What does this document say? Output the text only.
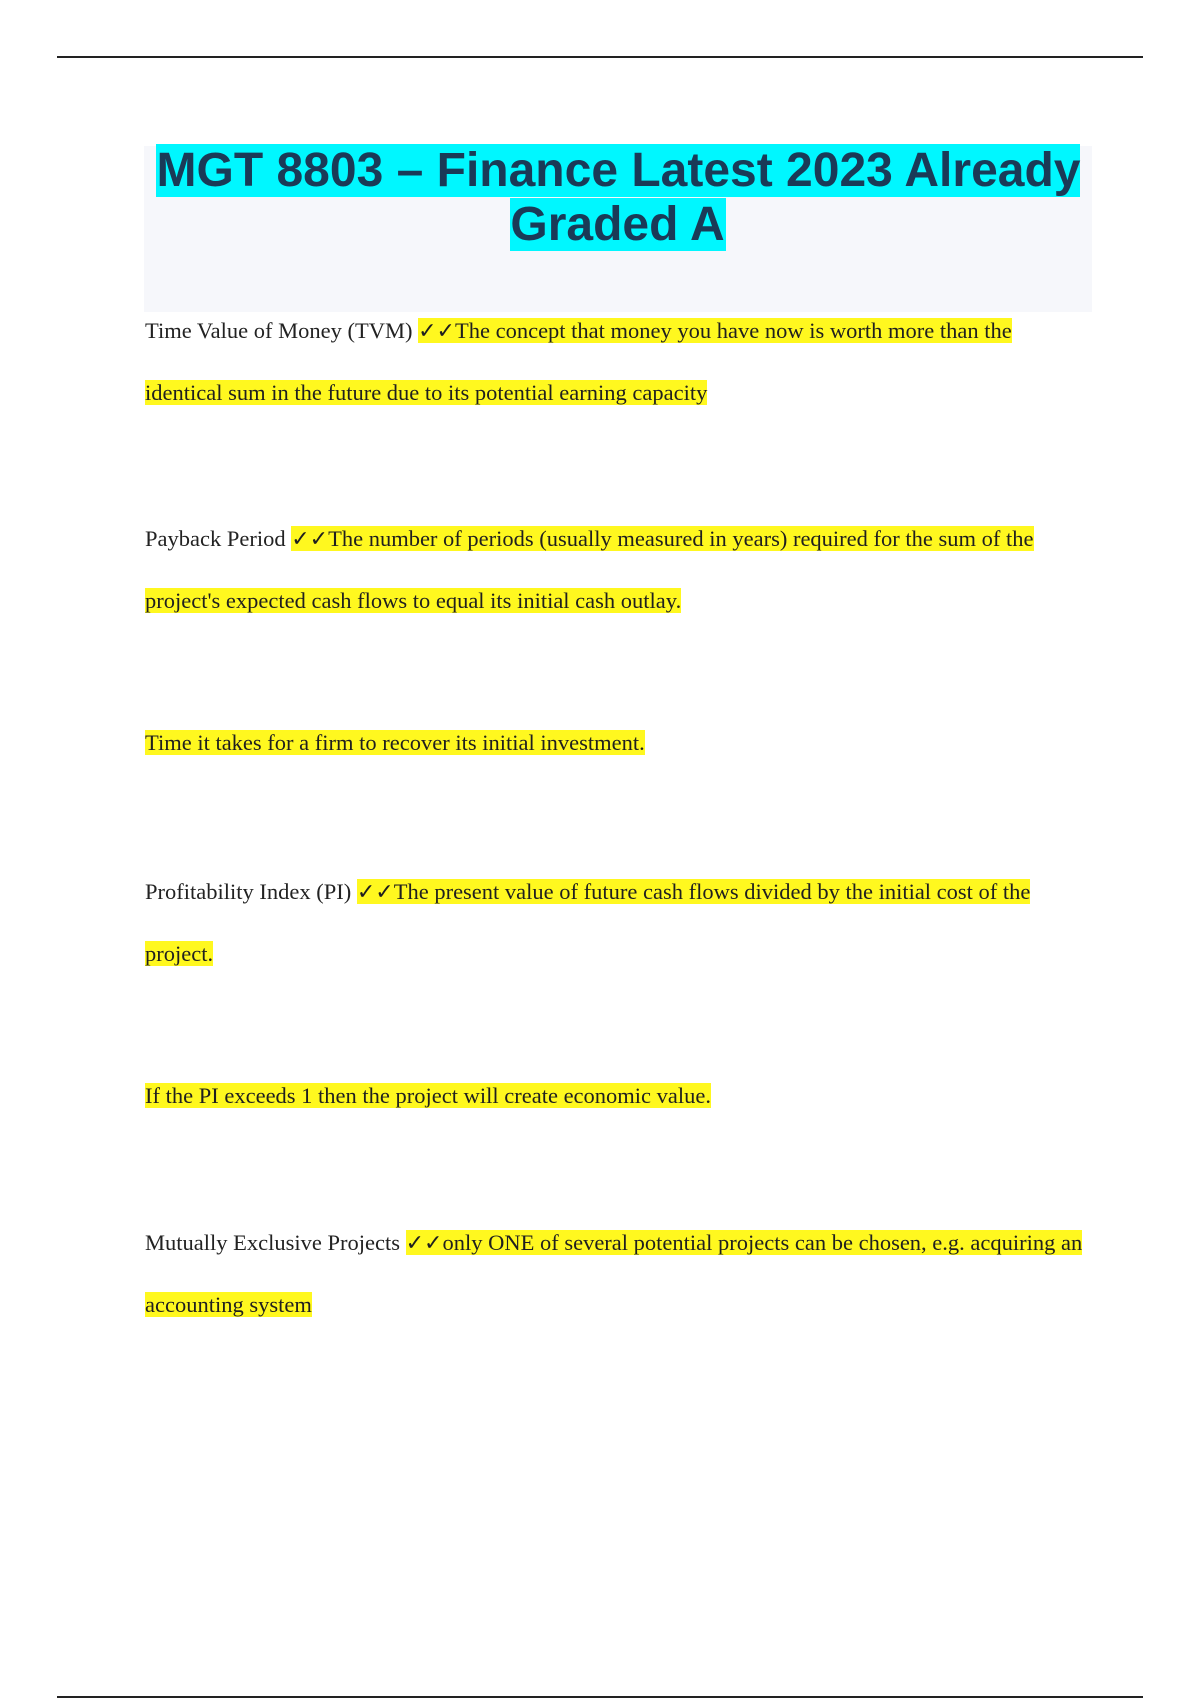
MGT 8803 – Finance Latest 2023 Already Graded A

Time Value of Money (TVM) ✓✓The concept that money you have now is worth more than the identical sum in the future due to its potential earning capacity

Payback Period ✓✓The number of periods (usually measured in years) required for the sum of the project's expected cash flows to equal its initial cash outlay.

Time it takes for a firm to recover its initial investment.

Profitability Index (PI) ✓✓The present value of future cash flows divided by the initial cost of the project.

If the PI exceeds 1 then the project will create economic value.

Mutually Exclusive Projects ✓✓only ONE of several potential projects can be chosen, e.g. acquiring an accounting system
